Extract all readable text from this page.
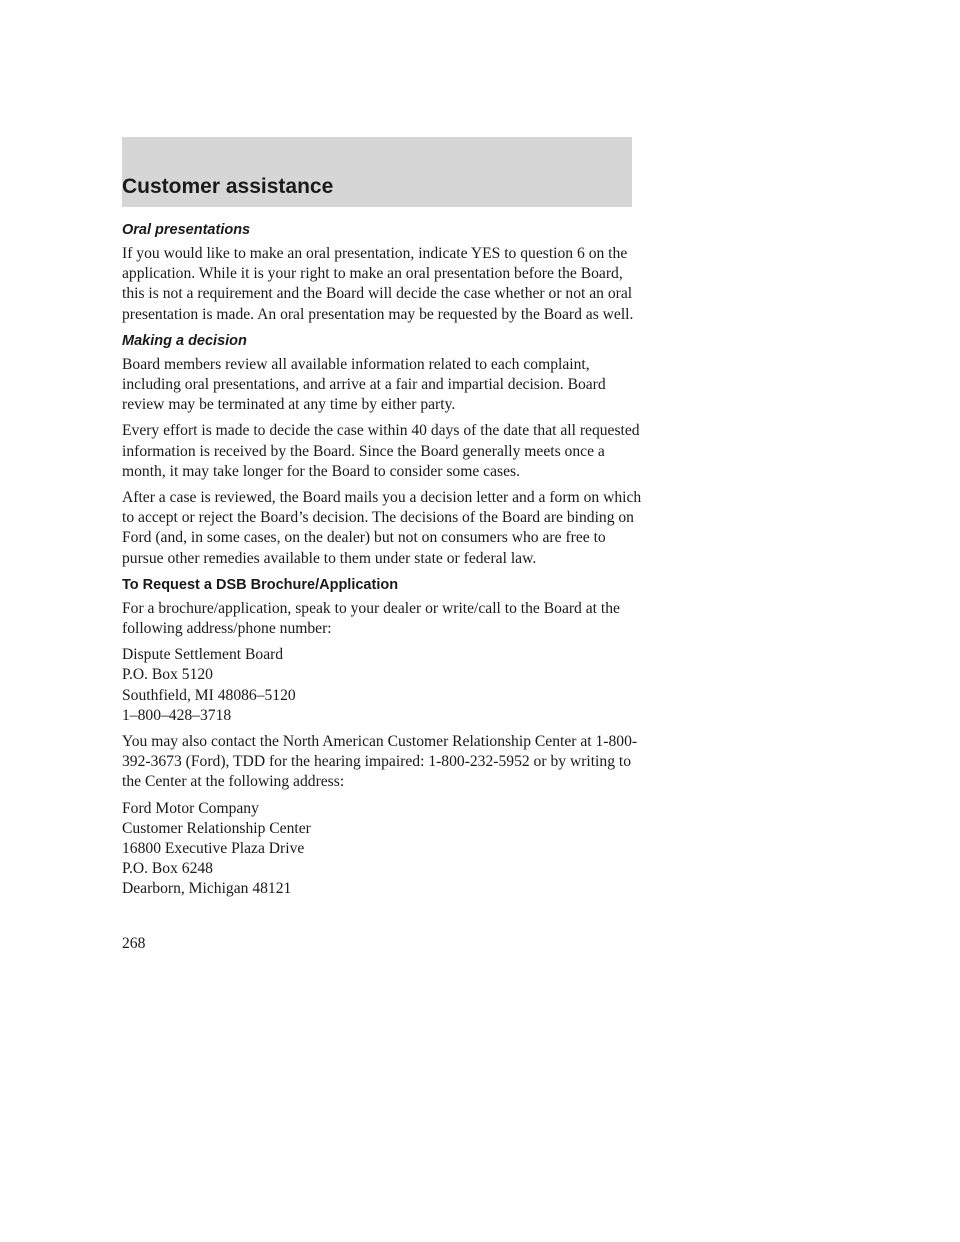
Customer assistance
Oral presentations

If you would like to make an oral presentation, indicate YES to question 6 on the application. While it is your right to make an oral presentation before the Board, this is not a requirement and the Board will decide the case whether or not an oral presentation is made. An oral presentation may be requested by the Board as well.

Making a decision

Board members review all available information related to each complaint, including oral presentations, and arrive at a fair and impartial decision. Board review may be terminated at any time by either party.

Every effort is made to decide the case within 40 days of the date that all requested information is received by the Board. Since the Board generally meets once a month, it may take longer for the Board to consider some cases.

After a case is reviewed, the Board mails you a decision letter and a form on which to accept or reject the Board’s decision. The decisions of the Board are binding on Ford (and, in some cases, on the dealer) but not on consumers who are free to pursue other remedies available to them under state or federal law.

To Request a DSB Brochure/Application

For a brochure/application, speak to your dealer or write/call to the Board at the following address/phone number:

Dispute Settlement Board
P.O. Box 5120
Southfield, MI 48086–5120
1–800–428–3718

You may also contact the North American Customer Relationship Center at 1-800-392-3673 (Ford), TDD for the hearing impaired: 1-800-232-5952 or by writing to the Center at the following address:

Ford Motor Company
Customer Relationship Center
16800 Executive Plaza Drive
P.O. Box 6248
Dearborn, Michigan 48121
268
